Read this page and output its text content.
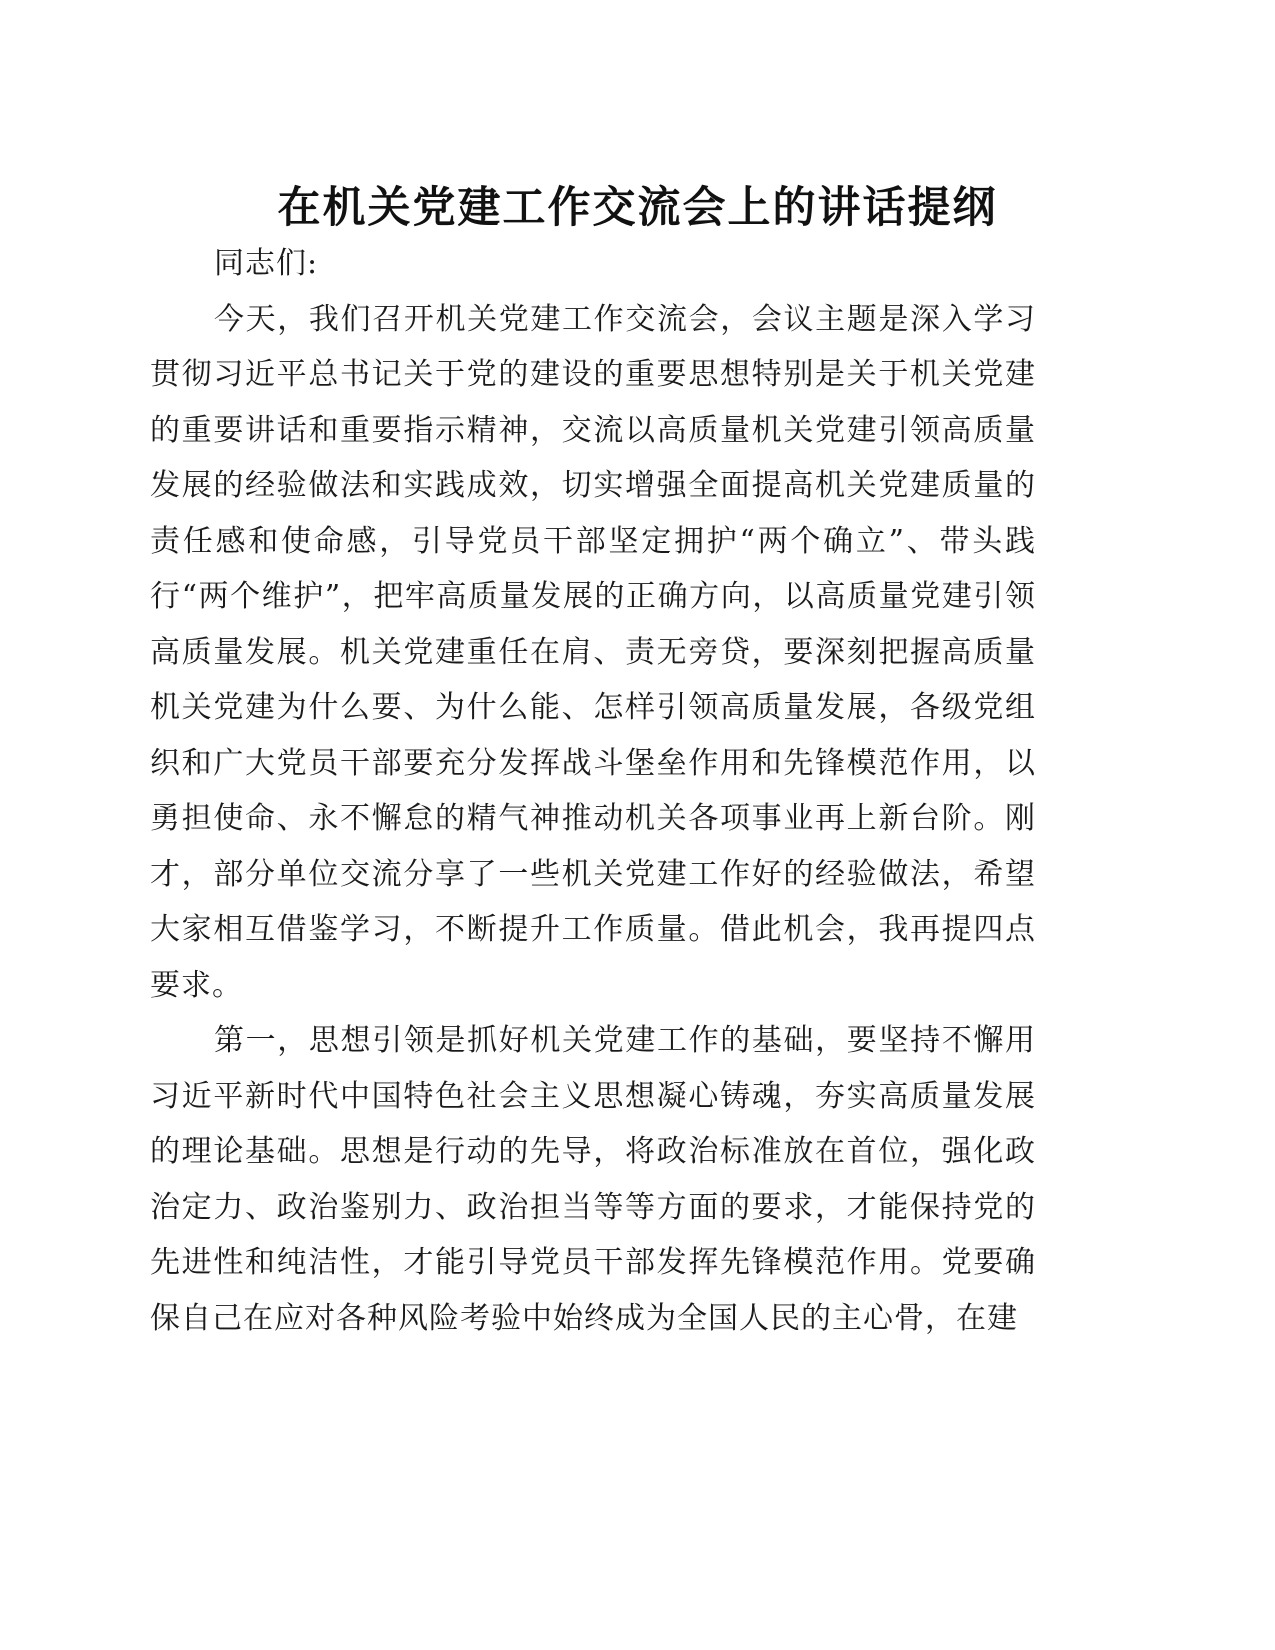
在机关党建工作交流会上的讲话提纲

同志们:

今天，我们召开机关党建工作交流会，会议主题是深入学习贯彻习近平总书记关于党的建设的重要思想特别是关于机关党建的重要讲话和重要指示精神，交流以高质量机关党建引领高质量发展的经验做法和实践成效，切实增强全面提高机关党建质量的责任感和使命感，引导党员干部坚定拥护“两个确立”、带头践行“两个维护”，把牢高质量发展的正确方向，以高质量党建引领高质量发展。机关党建重任在肩、责无旁贷，要深刻把握高质量机关党建为什么要、为什么能、怎样引领高质量发展，各级党组织和广大党员干部要充分发挥战斗堡垒作用和先锋模范作用，以勇担使命、永不懈怠的精气神推动机关各项事业再上新台阶。刚才，部分单位交流分享了一些机关党建工作好的经验做法，希望大家相互借鉴学习，不断提升工作质量。借此机会，我再提四点要求。

第一，思想引领是抓好机关党建工作的基础，要坚持不懈用习近平新时代中国特色社会主义思想凝心铸魂，夯实高质量发展的理论基础。思想是行动的先导，将政治标准放在首位，强化政治定力、政治鉴别力、政治担当等等方面的要求，才能保持党的先进性和纯洁性，才能引导党员干部发挥先锋模范作用。党要确保自己在应对各种风险考验中始终成为全国人民的主心骨，在建
